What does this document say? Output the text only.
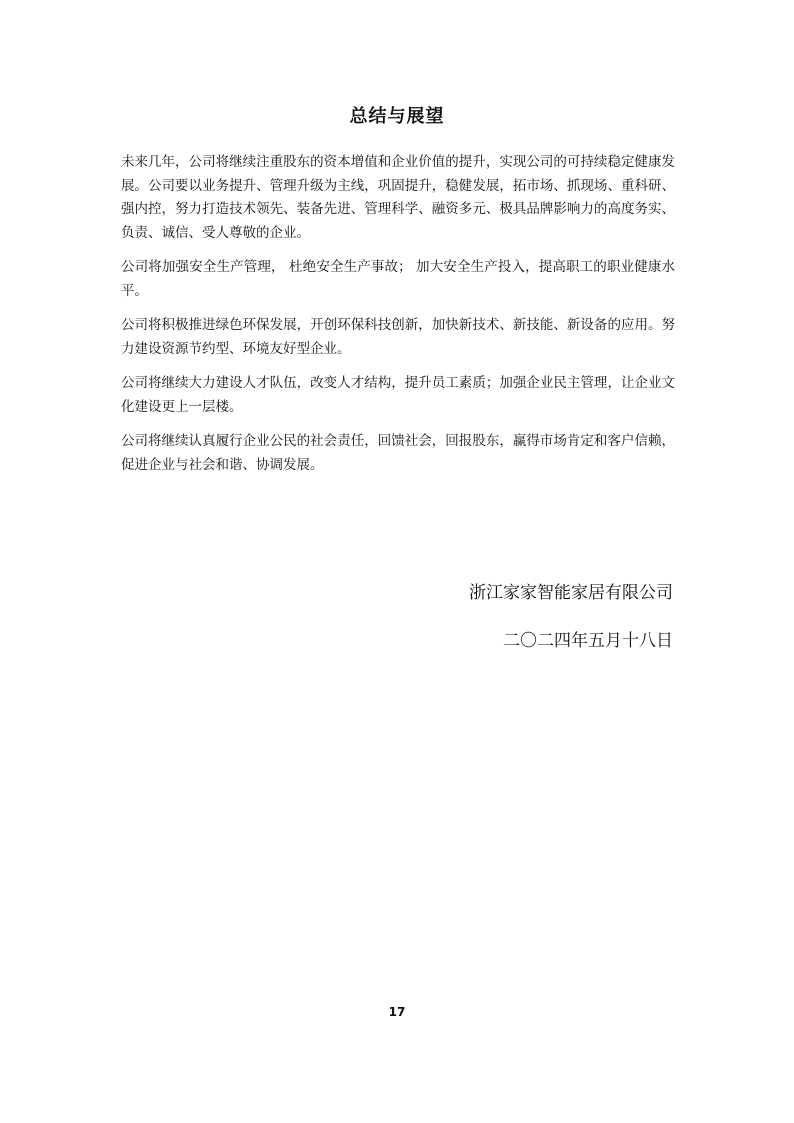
总结与展望

未来几年，公司将继续注重股东的资本增值和企业价值的提升，实现公司的可持续稳定健康发展。公司要以业务提升、管理升级为主线，巩固提升，稳健发展，拓市场、抓现场、重科研、强内控，努力打造技术领先、装备先进、管理科学、融资多元、极具品牌影响力的高度务实、负责、诚信、受人尊敬的企业。

公司将加强安全生产管理， 杜绝安全生产事故； 加大安全生产投入，提高职工的职业健康水平。

公司将积极推进绿色环保发展，开创环保科技创新，加快新技术、新技能、新设备的应用。努力建设资源节约型、环境友好型企业。

公司将继续大力建设人才队伍，改变人才结构，提升员工素质；加强企业民主管理，让企业文化建设更上一层楼。

公司将继续认真履行企业公民的社会责任，回馈社会，回报股东，赢得市场肯定和客户信赖，促进企业与社会和谐、协调发展。

浙江家家智能家居有限公司

二〇二四年五月十八日

17
